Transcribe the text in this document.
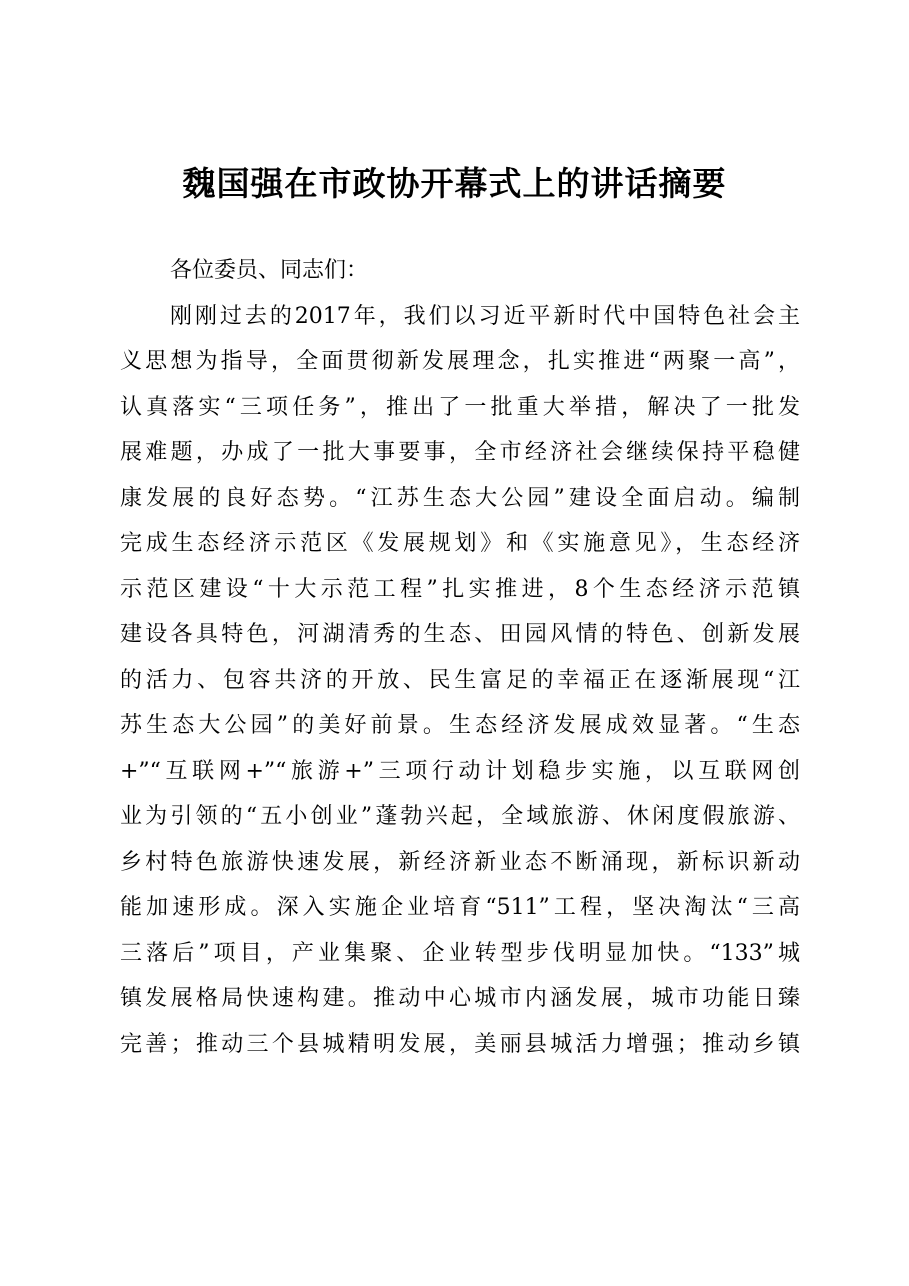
魏国强在市政协开幕式上的讲话摘要
各位委员、同志们：
刚刚过去的2017年，我们以习近平新时代中国特色社会主
义思想为指导，全面贯彻新发展理念，扎实推进“两聚一高”，
认真落实“三项任务”，推出了一批重大举措，解决了一批发
展难题，办成了一批大事要事，全市经济社会继续保持平稳健
康发展的良好态势。“江苏生态大公园”建设全面启动。编制
完成生态经济示范区《发展规划》和《实施意见》，生态经济
示范区建设“十大示范工程”扎实推进，8个生态经济示范镇
建设各具特色，河湖清秀的生态、田园风情的特色、创新发展
的活力、包容共济的开放、民生富足的幸福正在逐渐展现“江
苏生态大公园”的美好前景。生态经济发展成效显著。“生态
+”“互联网+”“旅游+”三项行动计划稳步实施，以互联网创
业为引领的“五小创业”蓬勃兴起，全域旅游、休闲度假旅游、
乡村特色旅游快速发展，新经济新业态不断涌现，新标识新动
能加速形成。深入实施企业培育“511”工程，坚决淘汰“三高
三落后”项目，产业集聚、企业转型步伐明显加快。“133”城
镇发展格局快速构建。推动中心城市内涵发展，城市功能日臻
完善；推动三个县城精明发展，美丽县城活力增强；推动乡镇
